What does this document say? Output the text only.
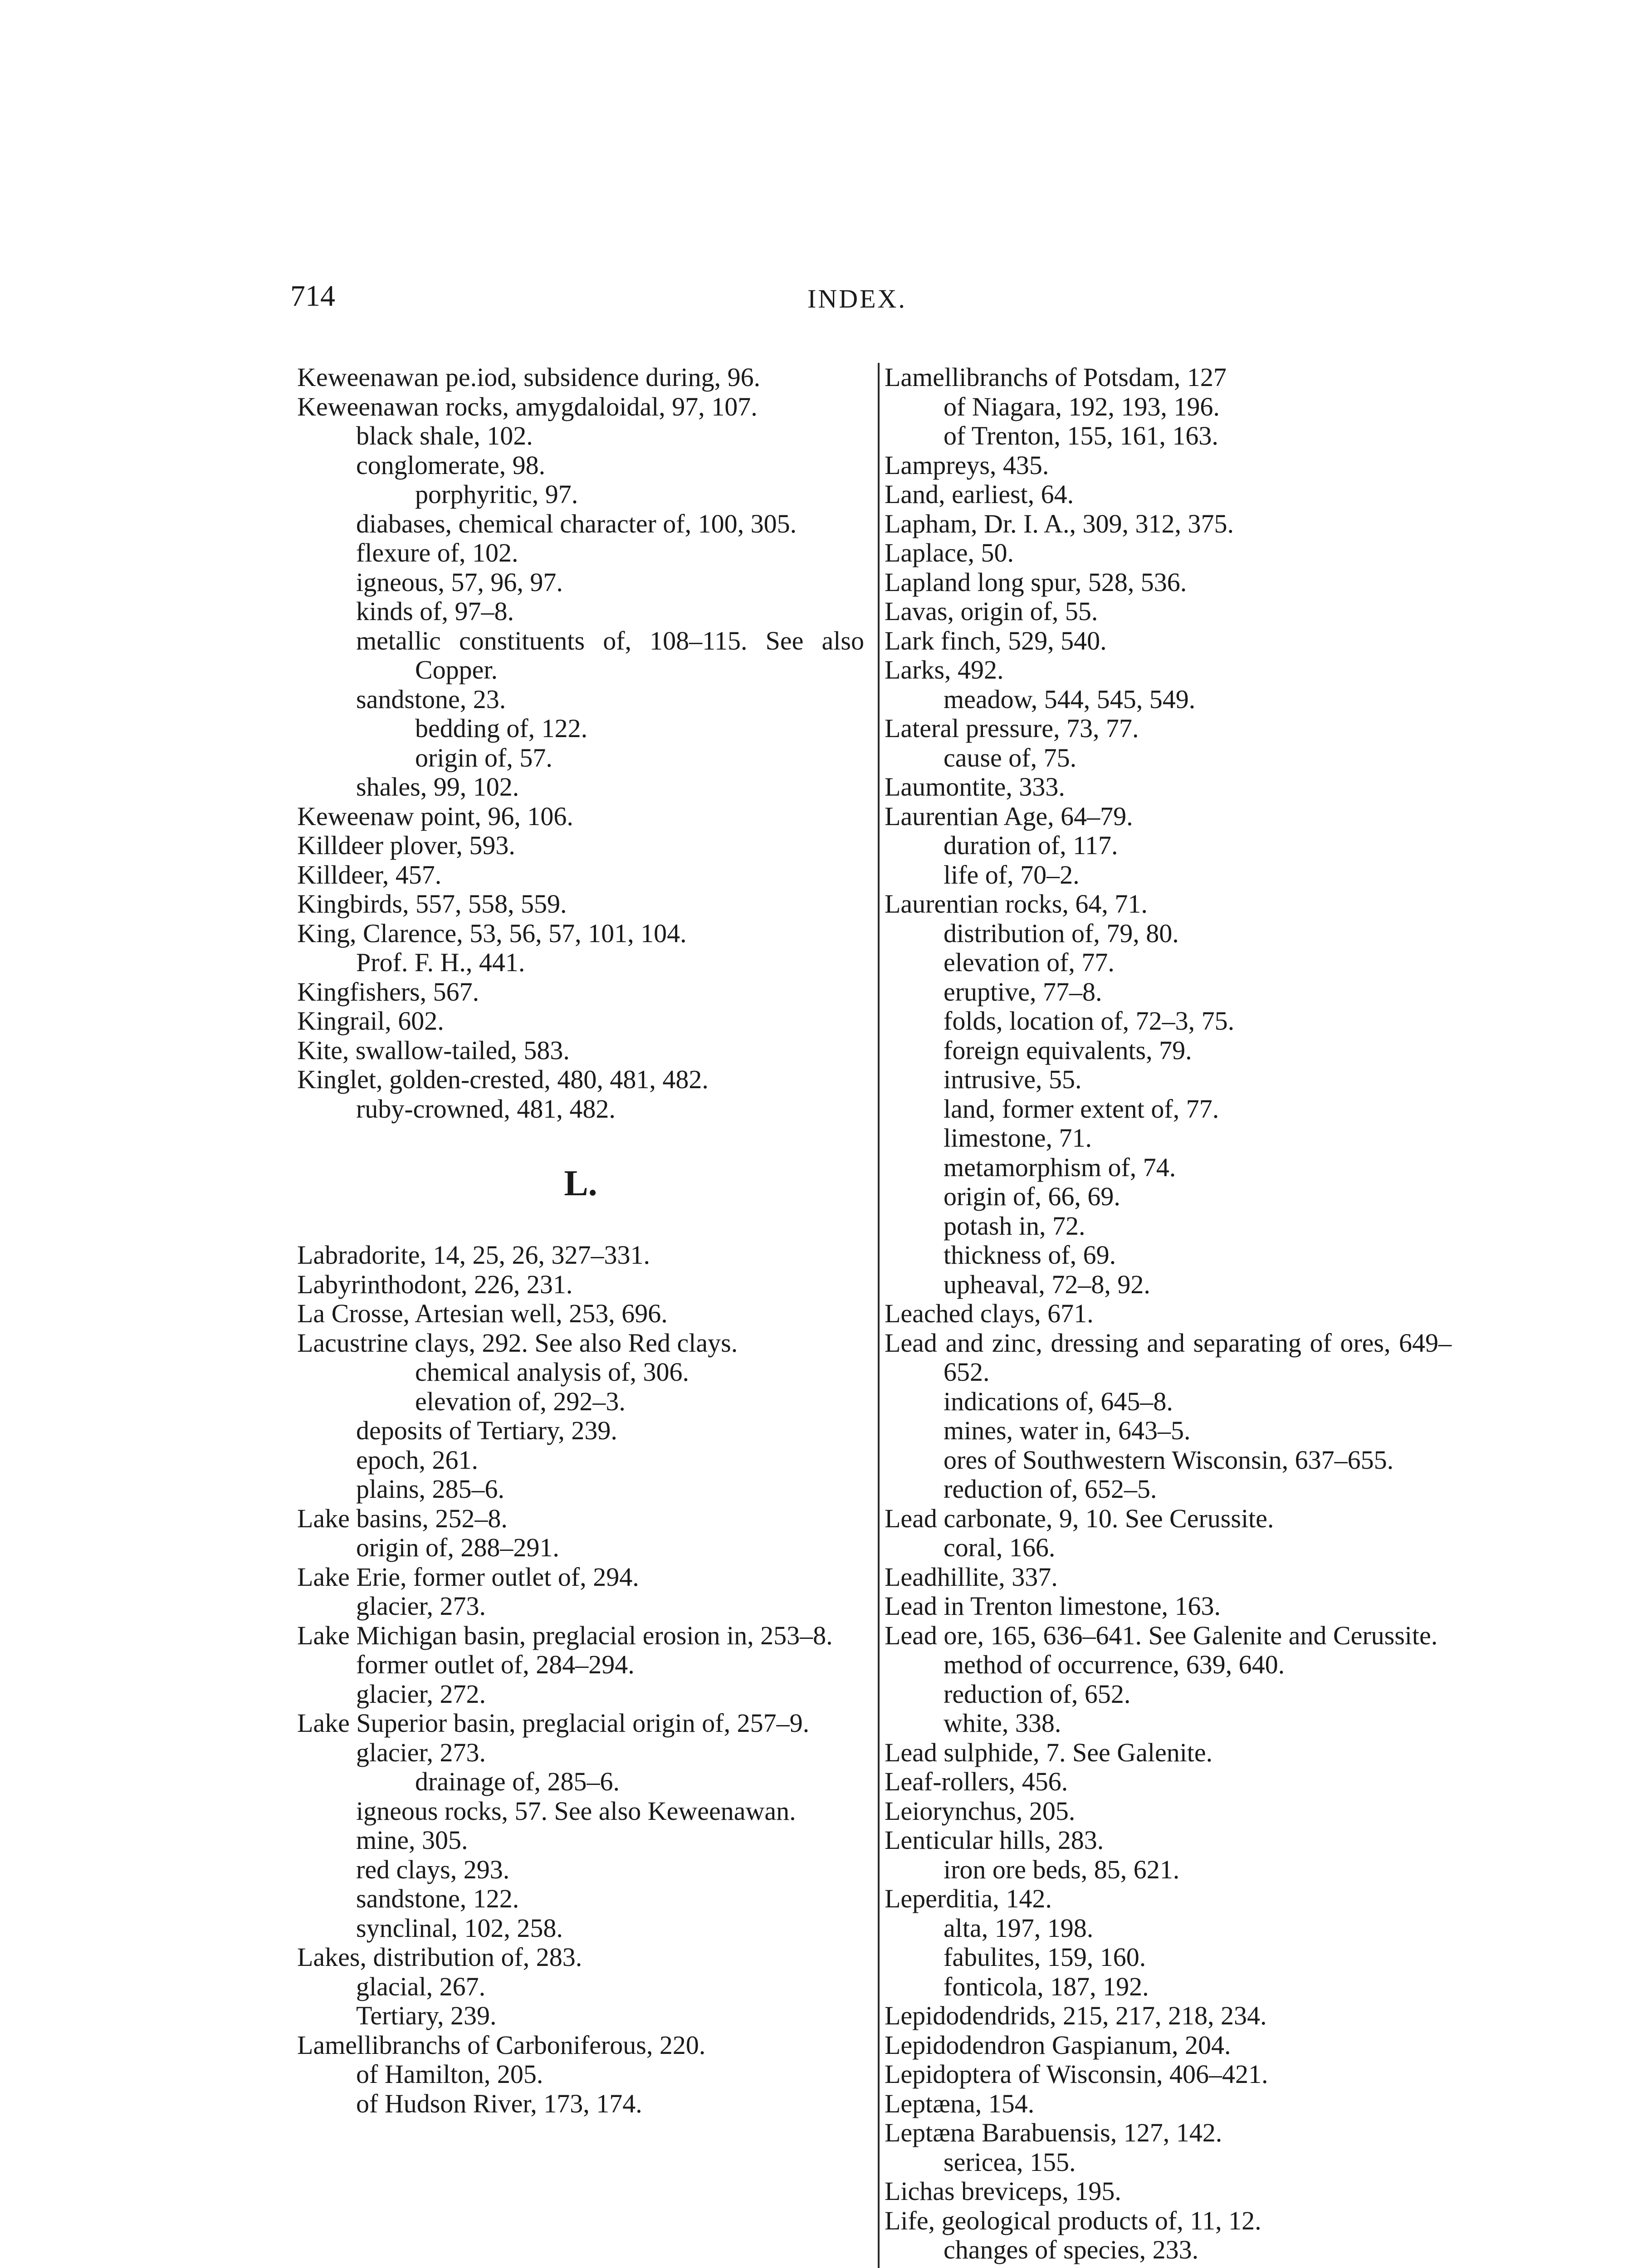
714	INDEX.
Keweenawan pe.iod, subsidence during, 96.
Keweenawan rocks, amygdaloidal, 97, 107.
black shale, 102.
conglomerate, 98.
porphyritic, 97.
diabases, chemical character of, 100, 305.
flexure of, 102.
igneous, 57, 96, 97.
kinds of, 97–8.
metallic constituents of, 108–115. See also Copper.
sandstone, 23.
bedding of, 122.
origin of, 57.
shales, 99, 102.
Keweenaw point, 96, 106.
Killdeer plover, 593.
Killdeer, 457.
Kingbirds, 557, 558, 559.
King, Clarence, 53, 56, 57, 101, 104.
Prof. F. H., 441.
Kingfishers, 567.
Kingrail, 602.
Kite, swallow-tailed, 583.
Kinglet, golden-crested, 480, 481, 482.
ruby-crowned, 481, 482.
L.
Labradorite, 14, 25, 26, 327–331.
Labyrinthodont, 226, 231.
La Crosse, Artesian well, 253, 696.
Lacustrine clays, 292. See also Red clays.
chemical analysis of, 306.
elevation of, 292–3.
deposits of Tertiary, 239.
epoch, 261.
plains, 285–6.
Lake basins, 252–8.
origin of, 288–291.
Lake Erie, former outlet of, 294.
glacier, 273.
Lake Michigan basin, preglacial erosion in, 253–8.
former outlet of, 284–294.
glacier, 272.
Lake Superior basin, preglacial origin of, 257–9.
glacier, 273.
drainage of, 285–6.
igneous rocks, 57. See also Keweenawan.
mine, 305.
red clays, 293.
sandstone, 122.
synclinal, 102, 258.
Lakes, distribution of, 283.
glacial, 267.
Tertiary, 239.
Lamellibranchs of Carboniferous, 220.
of Hamilton, 205.
of Hudson River, 173, 174.
Lamellibranchs of Potsdam, 127
of Niagara, 192, 193, 196.
of Trenton, 155, 161, 163.
Lampreys, 435.
Land, earliest, 64.
Lapham, Dr. I. A., 309, 312, 375.
Laplace, 50.
Lapland long spur, 528, 536.
Lavas, origin of, 55.
Lark finch, 529, 540.
Larks, 492.
meadow, 544, 545, 549.
Lateral pressure, 73, 77.
cause of, 75.
Laumontite, 333.
Laurentian Age, 64–79.
duration of, 117.
life of, 70–2.
Laurentian rocks, 64, 71.
distribution of, 79, 80.
elevation of, 77.
eruptive, 77–8.
folds, location of, 72–3, 75.
foreign equivalents, 79.
intrusive, 55.
land, former extent of, 77.
limestone, 71.
metamorphism of, 74.
origin of, 66, 69.
potash in, 72.
thickness of, 69.
upheaval, 72–8, 92.
Leached clays, 671.
Lead and zinc, dressing and separating of ores, 649–652.
indications of, 645–8.
mines, water in, 643–5.
ores of Southwestern Wisconsin, 637–655.
reduction of, 652–5.
Lead carbonate, 9, 10. See Cerussite.
coral, 166.
Leadhillite, 337.
Lead in Trenton limestone, 163.
Lead ore, 165, 636–641. See Galenite and Cerussite.
method of occurrence, 639, 640.
reduction of, 652.
white, 338.
Lead sulphide, 7. See Galenite.
Leaf-rollers, 456.
Leiorynchus, 205.
Lenticular hills, 283.
iron ore beds, 85, 621.
Leperditia, 142.
alta, 197, 198.
fabulites, 159, 160.
fonticola, 187, 192.
Lepidodendrids, 215, 217, 218, 234.
Lepidodendron Gaspianum, 204.
Lepidoptera of Wisconsin, 406–421.
Leptæna, 154.
Leptæna Barabuensis, 127, 142.
sericea, 155.
Lichas breviceps, 195.
Life, geological products of, 11, 12.
changes of species, 233.
